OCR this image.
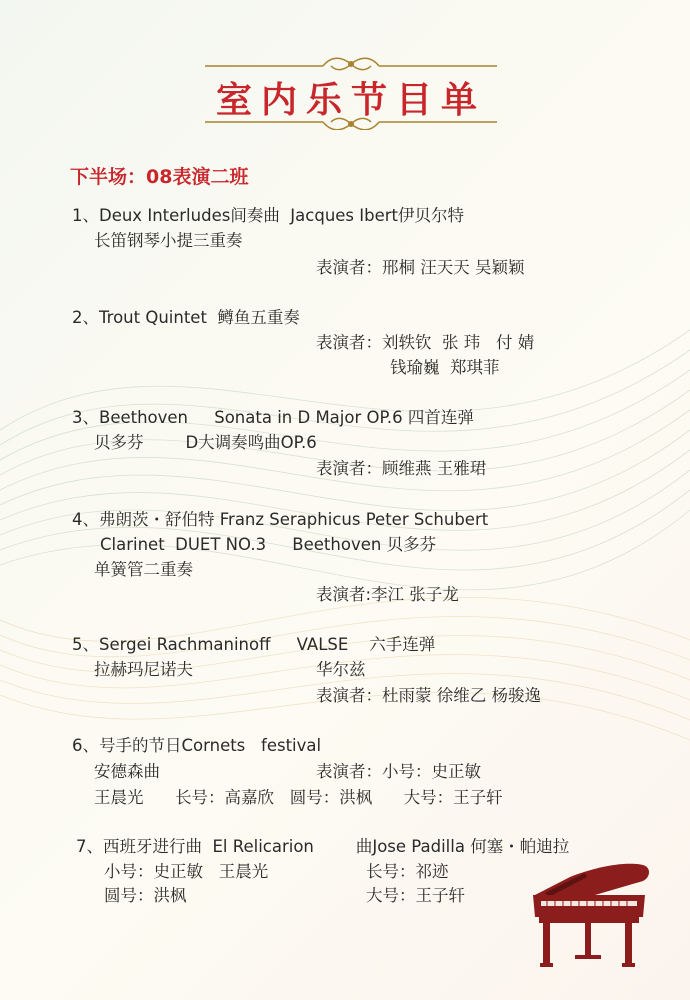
室内乐节目单
下半场：08表演二班
1、Deux Interludes间奏曲  Jacques Ibert伊贝尔特
长笛钢琴小提三重奏
表演者：邢桐 汪天天 吴颖颖
2、Trout Quintet  鳟鱼五重奏
表演者：刘轶钦  张 玮   付 婧
钱瑜巍  郑琪菲
3、Beethoven     Sonata in D Major OP.6 四首连弹
贝多芬        D大调奏鸣曲OP.6
表演者：顾维燕 王雅珺
4、弗朗茨・舒伯特 Franz Seraphicus Peter Schubert
Clarinet  DUET NO.3     Beethoven 贝多芬
单簧管二重奏
表演者:李江 张子龙
5、Sergei Rachmaninoff     VALSE    六手连弹
拉赫玛尼诺夫	华尔兹
表演者：杜雨蒙 徐维乙 杨骏逸
6、号手的节日Cornets   festival
安德森曲	表演者：小号：史正敏
王晨光      长号：高嘉欣   圆号：洪枫      大号：王子轩
7、西班牙进行曲  El Relicarion        曲Jose Padilla 何塞・帕迪拉
小号：史正敏   王晨光	长号：祁迹
圆号：洪枫	大号：王子轩
